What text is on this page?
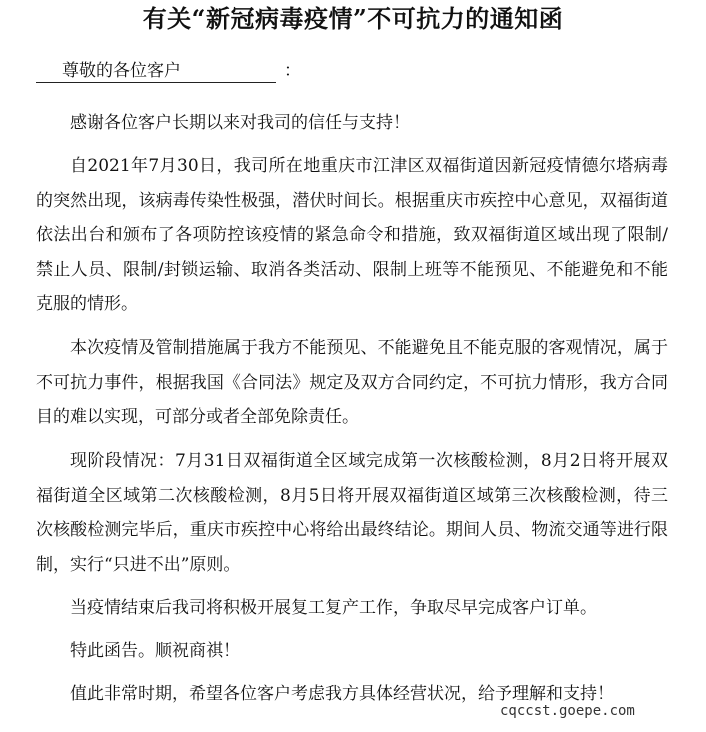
有关“新冠病毒疫情”不可抗力的通知函
尊敬的各位客户	：

感谢各位客户长期以来对我司的信任与支持！

自2021年7月30日，我司所在地重庆市江津区双福街道因新冠疫情德尔塔病毒的突然出现，该病毒传染性极强，潜伏时间长。根据重庆市疾控中心意见，双福街道依法出台和颁布了各项防控该疫情的紧急命令和措施，致双福街道区域出现了限制/禁止人员、限制/封锁运输、取消各类活动、限制上班等不能预见、不能避免和不能克服的情形。

本次疫情及管制措施属于我方不能预见、不能避免且不能克服的客观情况，属于不可抗力事件，根据我国《合同法》规定及双方合同约定，不可抗力情形，我方合同目的难以实现，可部分或者全部免除责任。

现阶段情况：7月31日双福街道全区域完成第一次核酸检测，8月2日将开展双福街道全区域第二次核酸检测，8月5日将开展双福街道区域第三次核酸检测，待三次核酸检测完毕后，重庆市疾控中心将给出最终结论。期间人员、物流交通等进行限制，实行“只进不出”原则。

当疫情结束后我司将积极开展复工复产工作，争取尽早完成客户订单。

特此函告。顺祝商祺！

值此非常时期，希望各位客户考虑我方具体经营状况，给予理解和支持！

cqccst.goepe.com
